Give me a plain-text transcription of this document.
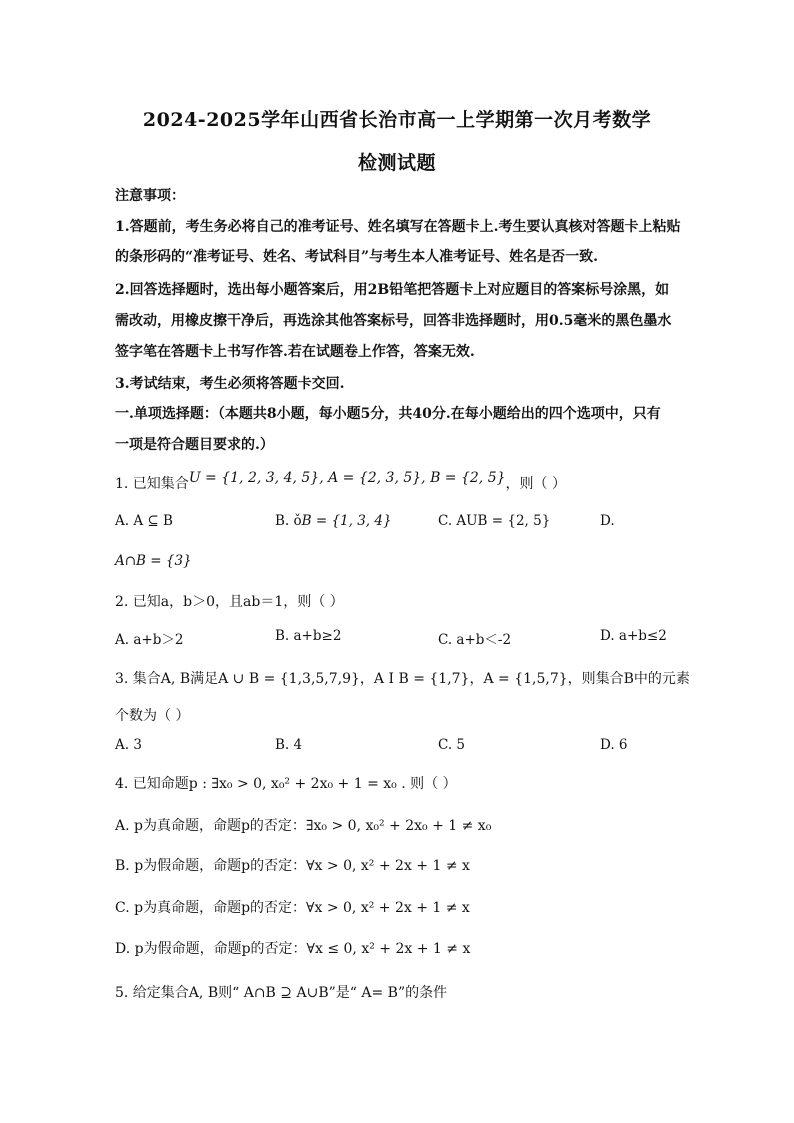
2024-2025学年山西省长治市高一上学期第一次月考数学
检测试题
注意事项：
1.答题前，考生务必将自己的准考证号、姓名填写在答题卡上.考生要认真核对答题卡上粘贴
的条形码的“准考证号、姓名、考试科目”与考生本人准考证号、姓名是否一致.
2.回答选择题时，选出每小题答案后，用2B铅笔把答题卡上对应题目的答案标号涂黑，如
需改动，用橡皮擦干净后，再选涂其他答案标号，回答非选择题时，用0.5毫米的黑色墨水
签字笔在答题卡上书写作答.若在试题卷上作答，答案无效.
3.考试结束，考生必须将答题卡交回.
一.单项选择题：（本题共8小题，每小题5分，共40分.在每小题给出的四个选项中，只有
一项是符合题目要求的.）
1. 已知集合U = {1, 2, 3, 4, 5}, A = {2, 3, 5}, B = {2, 5}，则（ ）
A. A ⊆ B	B. ǒB = {1, 3, 4}	C. AUB = {2, 5}	D.
A∩B = {3}
2. 已知a，b＞0，且ab＝1，则（ ）
A. a+b＞2	B. a+b≥2	C. a+b＜-2	D. a+b≤2
3. 集合A, B满足A ∪ B = {1,3,5,7,9}，A I B = {1,7}，A = {1,5,7}，则集合B中的元素
个数为（ ）
A. 3	B. 4	C. 5	D. 6
4. 已知命题p : ∃x₀ > 0, x₀² + 2x₀ + 1 = x₀ . 则（ ）
A. p为真命题，命题p的否定：∃x₀ > 0, x₀² + 2x₀ + 1 ≠ x₀
B. p为假命题，命题p的否定：∀x > 0, x² + 2x + 1 ≠ x
C. p为真命题，命题p的否定：∀x > 0, x² + 2x + 1 ≠ x
D. p为假命题，命题p的否定：∀x ≤ 0, x² + 2x + 1 ≠ x
5. 给定集合A, B则“ A∩B ⊇ A∪B”是“ A= B”的条件
